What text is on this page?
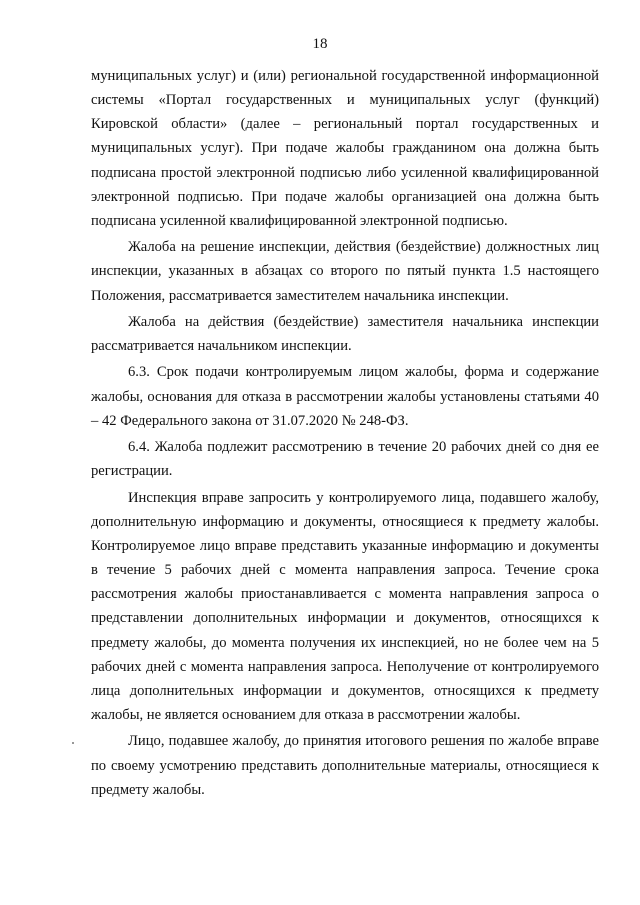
18

муниципальных услуг) и (или) региональной государственной информационной системы «Портал государственных и муниципальных услуг (функций) Кировской области» (далее – региональный портал государственных и муниципальных услуг). При подаче жалобы гражданином она должна быть подписана простой электронной подписью либо усиленной квалифицированной электронной подписью. При подаче жалобы организацией она должна быть подписана усиленной квалифицированной электронной подписью.

Жалоба на решение инспекции, действия (бездействие) должностных лиц инспекции, указанных в абзацах со второго по пятый пункта 1.5 настоящего Положения, рассматривается заместителем начальника инспекции.

Жалоба на действия (бездействие) заместителя начальника инспекции рассматривается начальником инспекции.

6.3. Срок подачи контролируемым лицом жалобы, форма и содержание жалобы, основания для отказа в рассмотрении жалобы установлены статьями 40 – 42 Федерального закона от 31.07.2020 № 248-ФЗ.

6.4. Жалоба подлежит рассмотрению в течение 20 рабочих дней со дня ее регистрации.

Инспекция вправе запросить у контролируемого лица, подавшего жалобу, дополнительную информацию и документы, относящиеся к предмету жалобы. Контролируемое лицо вправе представить указанные информацию и документы в течение 5 рабочих дней с момента направления запроса. Течение срока рассмотрения жалобы приостанавливается с момента направления запроса о представлении дополнительных информации и документов, относящихся к предмету жалобы, до момента получения их инспекцией, но не более чем на 5 рабочих дней с момента направления запроса. Неполучение от контролируемого лица дополнительных информации и документов, относящихся к предмету жалобы, не является основанием для отказа в рассмотрении жалобы.

Лицо, подавшее жалобу, до принятия итогового решения по жалобе вправе по своему усмотрению представить дополнительные материалы, относящиеся к предмету жалобы.
